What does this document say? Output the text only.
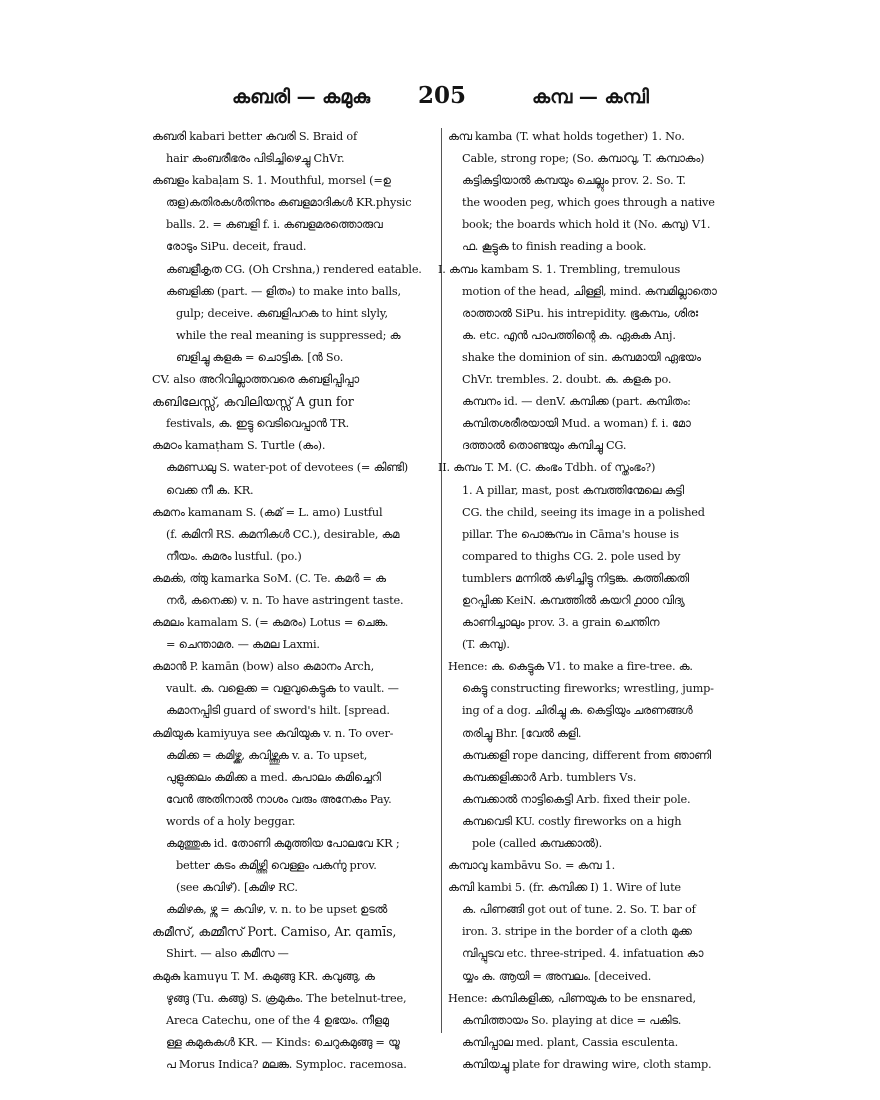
കബരി — കമുകു 205	കമ്പ — കമ്പി
കബരി kabari better കവരി S. Braid of
hair കംബരീഭരം പിടിച്ചിഴെച്ചു ChVr.
കബളം kabaḷam S. 1. Mouthful, morsel (=ഉ
രുള)കതിരകൾതിന്നും കബളമാദികൾ KR.physic
balls. 2. = കബളി f. i. കബളമരത്തൊരുവ
രോടും SiPu. deceit, fraud.
കബളീകൃത CG. (Oh Crshna,) rendered eatable.
കബളിക്ക (part. — ളിതം) to make into balls,
gulp; deceive. കബളിപറക to hint slyly,
while the real meaning is suppressed; ക
ബളിച്ചു കളക = ചൊട്ടിക. [ൻ So.
CV. also അറിവില്ലാത്തവരെ കബളിപ്പിപ്പാ
കബിലേസ്സ്, കവിലിയസ്സ് A gun for
festivals, ക. ഇട്ടു വെടിവെപ്പാൻ TR.
കമഠം kamaṭham S. Turtle (കം).
കമണ്ഡലു S. water-pot of devotees (= കിണ്ടി)
വെക്ക നീ ക. KR.
കമനം kamanam S. (കമ് = L. amo) Lustful
(f. കമിനി RS. കമനികൾ CC.), desirable, കമ
നീയം. കമരം lustful. (po.)
കമൎക്ക, ൎത്തു kamarka SoM. (C. Te. കമർ = ക
നർ, കനെക്ക) v. n. To have astringent taste.
കമലം kamalam S. (= കമരം) Lotus = ചെങ്ക.
= ചെന്താമര. — കമല Laxmi.
കമാൻ P. kamān (bow) also കമാനം Arch,
vault. ക. വളെക്ക = വളവുകെട്ടുക to vault. —
കമാനപ്പിടി guard of sword's hilt. [spread.
കമിയുക kamiyuya see കവിയുക v. n. To over-
കമിക്ക = കമിഴ്ക്ക, കവിഴ്ത്തുക v. a. To upset,
പുളുക്കലം കമിക്ക a med. കപാലം കമിച്ചെറി
വേൻ അതിനാൽ നാശം വരും അനേകം Pay.
words of a holy beggar.
കമുത്തുക id. തോണി കമുത്തിയ പോലവേ KR ;
better കടം കമിഴ്ത്തി വെള്ളം പകൎന്നു prov.
(see കവിഴ്). [കമിഴ RC.
കമിഴക, ഴ്ന്നു = കവിഴ, v. n. to be upset ഉടൽ
കമീസ്, കമ്മീസ് Port. Camiso, Ar. qamīs,
Shirt. — also കമീസ —
കമുകു kamuγu T. M. കമുങ്ങു KR. കവുങ്ങു, ക
ഴുങ്ങു (Tu. കങ്ങു) S. ക്രമുകം. The betelnut-tree,
Areca Catechu, one of the 4 ഉഭയം. നീളമു
ള്ള കമുകകൾ KR. — Kinds: ചെറുകമുങ്ങു = യൂ
പ Morus Indica? മലങ്ക. Symploc. racemosa.
കമ്പ kamba (T. what holds together) 1. No.
Cable, strong rope; (So. കമ്പാവു, T. കമ്പാകം)
കട്ടികുട്ടിയാൽ കമ്പയും ചെല്ലും prov. 2. So. T.
the wooden peg, which goes through a native
book; the boards which hold it (No. കമ്പു) V1.
ഫ. കൂട്ടുക to finish reading a book.
I. കമ്പം kambam S. 1. Trembling, tremulous
motion of the head, ചിള്ളി, mind. കമ്പമില്ലാതൊ
രാത്താൽ SiPu. his intrepidity. ഭൂകമ്പം, ശിരഃ
ക. etc. എൻ പാപത്തിന്റെ ക. ഏകക Anj.
shake the dominion of sin. കമ്പമായി ഏഭയം
ChVr. trembles. 2. doubt. ക. കളക po.
കമ്പനം id. — denV. കമ്പിക്ക (part. കമ്പിതം:
കമ്പിതശരീരയായി Mud. a woman) f. i. മോ
ദത്താൽ തൊണ്ടയും കമ്പിച്ചു CG.
II. കമ്പം T. M. (C. കംഭം Tdbh. of സ്തംഭം?)
1. A pillar, mast, post കമ്പത്തിന്മേലെ കുട്ടി
CG. the child, seeing its image in a polished
pillar. The പൊങ്കമ്പം in Cāma's house is
compared to thighs CG. 2. pole used by
tumblers മന്നിൽ കഴിച്ചിട്ടു നിട്ടങ്ക. കത്തിക്കതി
ഉറപ്പിക്ക KeiN. കമ്പത്തിൽ കയറി ൧൦൦൦ വിദ്യ
കാണിച്ചാലും prov. 3. a grain ചെന്തിന
(T. കമ്പു).
Hence: ക. കെട്ടുക V1. to make a fire-tree. ക.
കെട്ടു constructing fireworks; wrestling, jump-
ing of a dog. ചിരിച്ചു ക. കെട്ടിയും ചരണങ്ങൾ
തരിച്ചു Bhr. [വേൽ കളി.
കമ്പക്കളി rope dancing, different from ഞാണി
കമ്പക്കളിക്കാർ Arb. tumblers Vs.
കമ്പക്കാൽ നാട്ടികെട്ടി Arb. fixed their pole.
കമ്പവെടി KU. costly fireworks on a high
pole (called കമ്പക്കാൽ).
കമ്പാവു kambāvu So. = കമ്പ 1.
കമ്പി kambi 5. (fr. കമ്പിക്ക I) 1. Wire of lute
ക. പിണങ്ങി got out of tune. 2. So. T. bar of
iron. 3. stripe in the border of a cloth മുക്ക
മ്പിപ്പുടവ etc. three-striped. 4. infatuation കാ
യ്യം ക. ആയി = അമ്പലം. [deceived.
Hence: കമ്പികളിക്ക, പിണയുക to be ensnared,
കമ്പിത്തായം So. playing at dice = പകിട.
കമ്പിപ്പാല med. plant, Cassia esculenta.
കമ്പിയച്ചു plate for drawing wire, cloth stamp.
